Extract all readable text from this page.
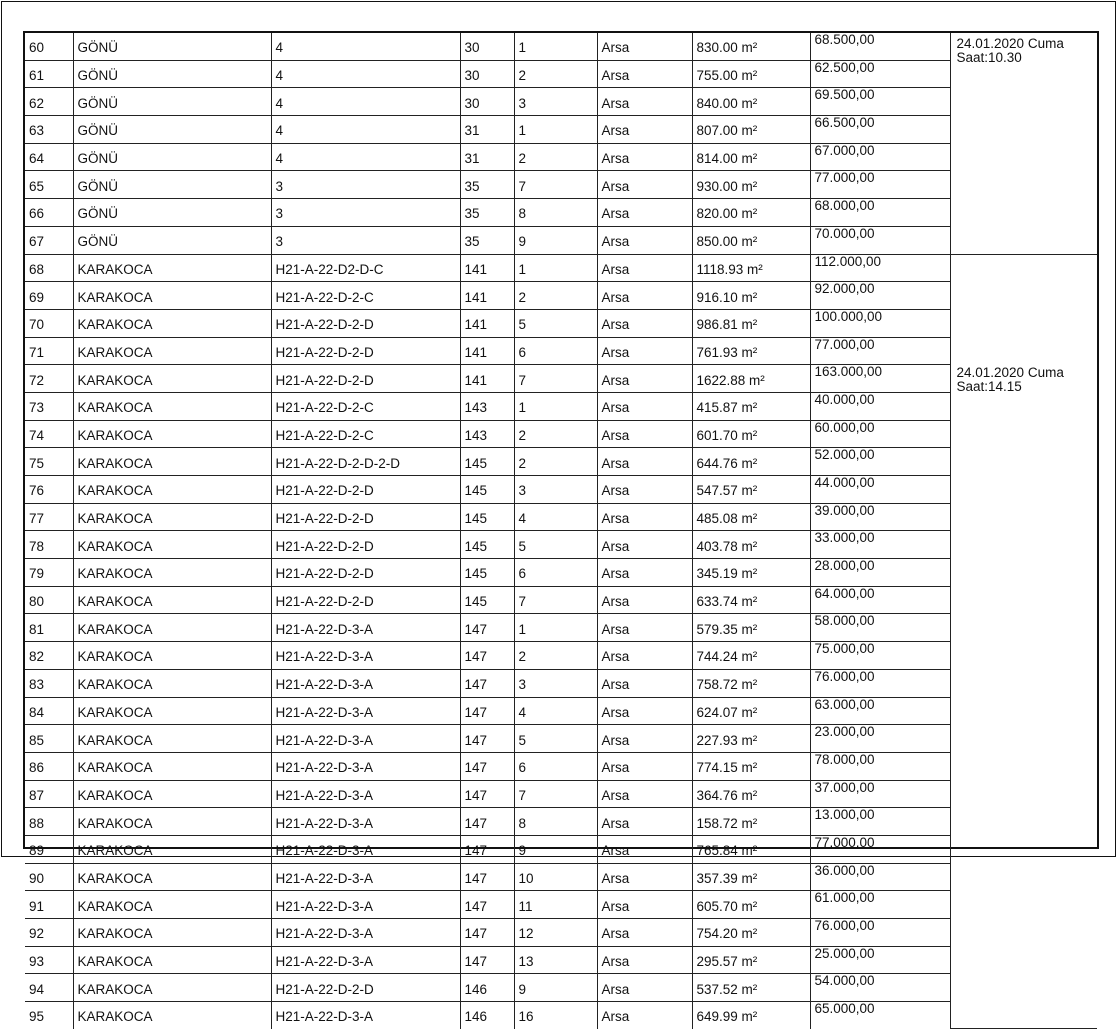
60	GÖNÜ	4	30	1	Arsa	830.00 m²	68.500,00	24.01.2020 Cuma
Saat:10.30

61	GÖNÜ	4	30	2	Arsa	755.00 m²	62.500,00	
62	GÖNÜ	4	30	3	Arsa	840.00 m²	69.500,00	
63	GÖNÜ	4	31	1	Arsa	807.00 m²	66.500,00	
64	GÖNÜ	4	31	2	Arsa	814.00 m²	67.000,00	
65	GÖNÜ	3	35	7	Arsa	930.00 m²	77.000,00	
66	GÖNÜ	3	35	8	Arsa	820.00 m²	68.000,00	
67	GÖNÜ	3	35	9	Arsa	850.00 m²	70.000,00	
68	KARAKOCA	H21-A-22-D2-D-C	141	1	Arsa	1118.93 m²	112.000,00	24.01.2020 Cuma
Saat:14.15

69	KARAKOCA	H21-A-22-D-2-C	141	2	Arsa	916.10 m²	92.000,00	
70	KARAKOCA	H21-A-22-D-2-D	141	5	Arsa	986.81 m²	100.000,00	
71	KARAKOCA	H21-A-22-D-2-D	141	6	Arsa	761.93 m²	77.000,00	
72	KARAKOCA	H21-A-22-D-2-D	141	7	Arsa	1622.88 m²	163.000,00	
73	KARAKOCA	H21-A-22-D-2-C	143	1	Arsa	415.87 m²	40.000,00	
74	KARAKOCA	H21-A-22-D-2-C	143	2	Arsa	601.70 m²	60.000,00	
75	KARAKOCA	H21-A-22-D-2-D-2-D	145	2	Arsa	644.76 m²	52.000,00	
76	KARAKOCA	H21-A-22-D-2-D	145	3	Arsa	547.57 m²	44.000,00	
77	KARAKOCA	H21-A-22-D-2-D	145	4	Arsa	485.08 m²	39.000,00	
78	KARAKOCA	H21-A-22-D-2-D	145	5	Arsa	403.78 m²	33.000,00	
79	KARAKOCA	H21-A-22-D-2-D	145	6	Arsa	345.19 m²	28.000,00	
80	KARAKOCA	H21-A-22-D-2-D	145	7	Arsa	633.74 m²	64.000,00	
81	KARAKOCA	H21-A-22-D-3-A	147	1	Arsa	579.35 m²	58.000,00	
82	KARAKOCA	H21-A-22-D-3-A	147	2	Arsa	744.24 m²	75.000,00	
83	KARAKOCA	H21-A-22-D-3-A	147	3	Arsa	758.72 m²	76.000,00	
84	KARAKOCA	H21-A-22-D-3-A	147	4	Arsa	624.07 m²	63.000,00	
85	KARAKOCA	H21-A-22-D-3-A	147	5	Arsa	227.93 m²	23.000,00	
86	KARAKOCA	H21-A-22-D-3-A	147	6	Arsa	774.15 m²	78.000,00	
87	KARAKOCA	H21-A-22-D-3-A	147	7	Arsa	364.76 m²	37.000,00	
88	KARAKOCA	H21-A-22-D-3-A	147	8	Arsa	158.72 m²	13.000,00	
89	KARAKOCA	H21-A-22-D-3-A	147	9	Arsa	765.84 m²	77.000,00	
90	KARAKOCA	H21-A-22-D-3-A	147	10	Arsa	357.39 m²	36.000,00	
91	KARAKOCA	H21-A-22-D-3-A	147	11	Arsa	605.70 m²	61.000,00	
92	KARAKOCA	H21-A-22-D-3-A	147	12	Arsa	754.20 m²	76.000,00	
93	KARAKOCA	H21-A-22-D-3-A	147	13	Arsa	295.57 m²	25.000,00	
94	KARAKOCA	H21-A-22-D-2-D	146	9	Arsa	537.52 m²	54.000,00	
95	KARAKOCA	H21-A-22-D-3-A	146	16	Arsa	649.99 m²	65.000,00	
